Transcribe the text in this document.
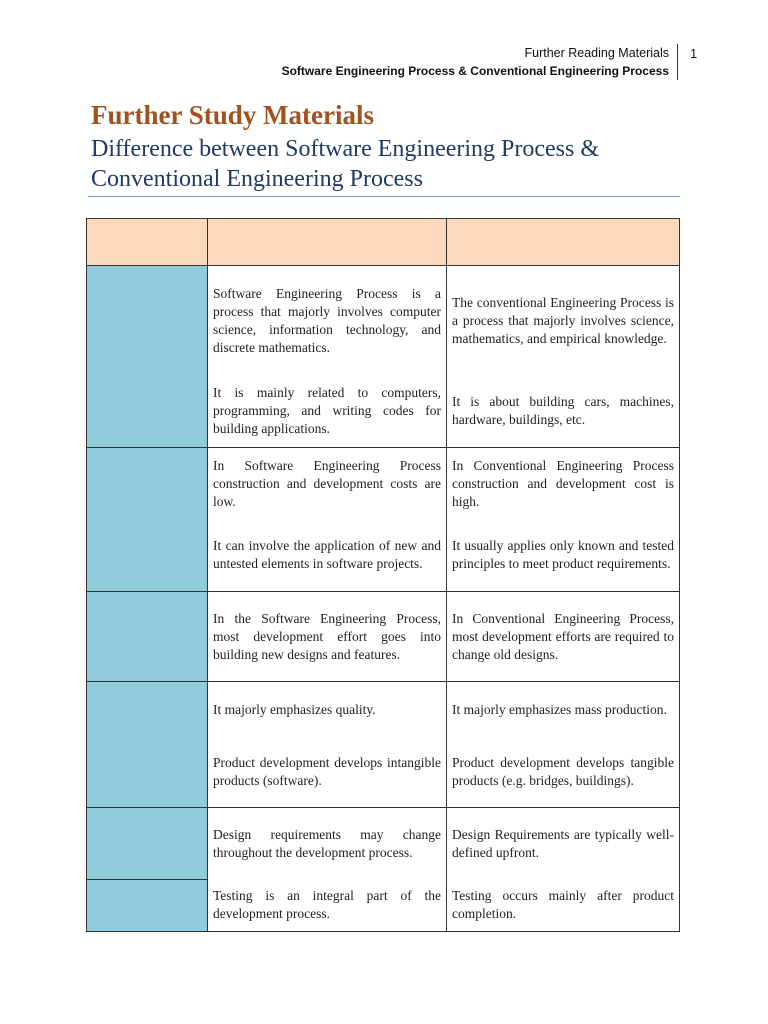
Further Reading Materials
Software Engineering Process & Conventional Engineering Process
1
Further Study Materials
Difference between Software Engineering Process & Conventional Engineering Process

	Software Engineering Process is a process that majorly involves computer science, information technology, and discrete mathematics.	The conventional Engineering Process is a process that majorly involves science, mathematics, and empirical knowledge.
	It is mainly related to computers, programming, and writing codes for building applications.	It is about building cars, machines, hardware, buildings, etc.
	In Software Engineering Process construction and development costs are low.	In Conventional Engineering Process construction and development cost is high.
	It can involve the application of new and untested elements in software projects.	It usually applies only known and tested principles to meet product requirements.
	In the Software Engineering Process, most development effort goes into building new designs and features.	In Conventional Engineering Process, most development efforts are required to change old designs.
	It majorly emphasizes quality.	It majorly emphasizes mass production.
	Product development develops intangible products (software).	Product development develops tangible products (e.g. bridges, buildings).
	Design requirements may change throughout the development process.	Design Requirements are typically well-defined upfront.
	Testing is an integral part of the development process.	Testing occurs mainly after product completion.
